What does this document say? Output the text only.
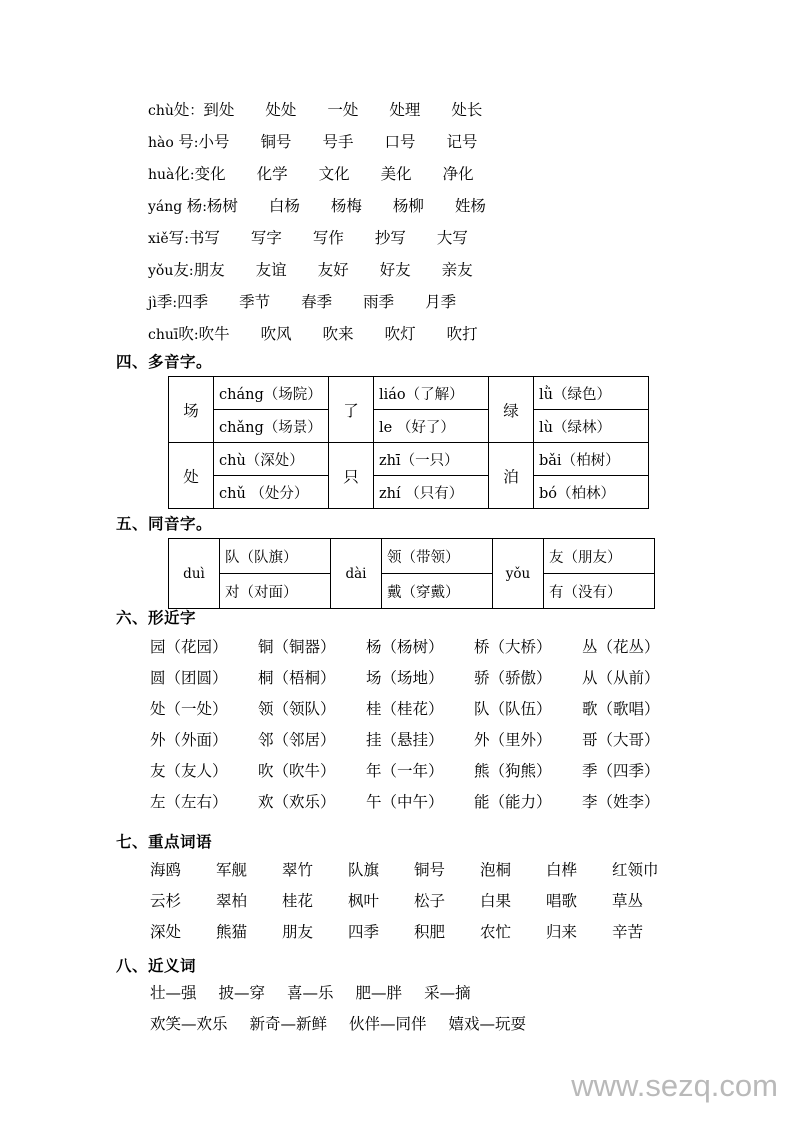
chù处：到处 处处 一处 处理 处长
hào 号:小号 铜号 号手 口号 记号
huà化:变化 化学 文化 美化 净化
yáng 杨:杨树 白杨 杨梅 杨柳 姓杨
xiě写:书写 写字 写作 抄写 大写
yǒu友:朋友 友谊 友好 好友 亲友
jì季:四季 季节 春季 雨季 月季
chuī吹:吹牛 吹风 吹来 吹灯 吹打
四、多音字。
场	cháng（场院）	了	liáo（了解）	绿	lǜ（绿色）
	chǎng（场景）		le （好了）		lù（绿林）
处	chù（深处）	只	zhī（一只）	泊	bǎi（柏树）
	chǔ （处分）		zhí （只有）		bó（柏林）
五、同音字。
duì	队（队旗）	dài	领（带领）	yǒu	友（朋友）
	对（对面）		戴（穿戴）		有（没有）
六、形近字
园（花园） 铜（铜器） 杨（杨树） 桥（大桥） 丛（花丛）
圆（团圆） 桐（梧桐） 场（场地） 骄（骄傲） 从（从前）
处（一处） 领（领队） 桂（桂花） 队（队伍） 歌（歌唱）
外（外面） 邻（邻居） 挂（悬挂） 外（里外） 哥（大哥）
友（友人） 吹（吹牛） 年（一年） 熊（狗熊） 季（四季）
左（左右） 欢（欢乐） 午（中午） 能（能力） 李（姓李）
七、重点词语
海鸥 军舰 翠竹 队旗 铜号 泡桐 白桦 红领巾
云杉 翠柏 桂花 枫叶 松子 白果 唱歌 草丛
深处 熊猫 朋友 四季 积肥 农忙 归来 辛苦
八、近义词
壮—强 披—穿 喜—乐 肥—胖 采—摘
欢笑—欢乐 新奇—新鲜 伙伴—同伴 嬉戏—玩耍
www.sezq.com
